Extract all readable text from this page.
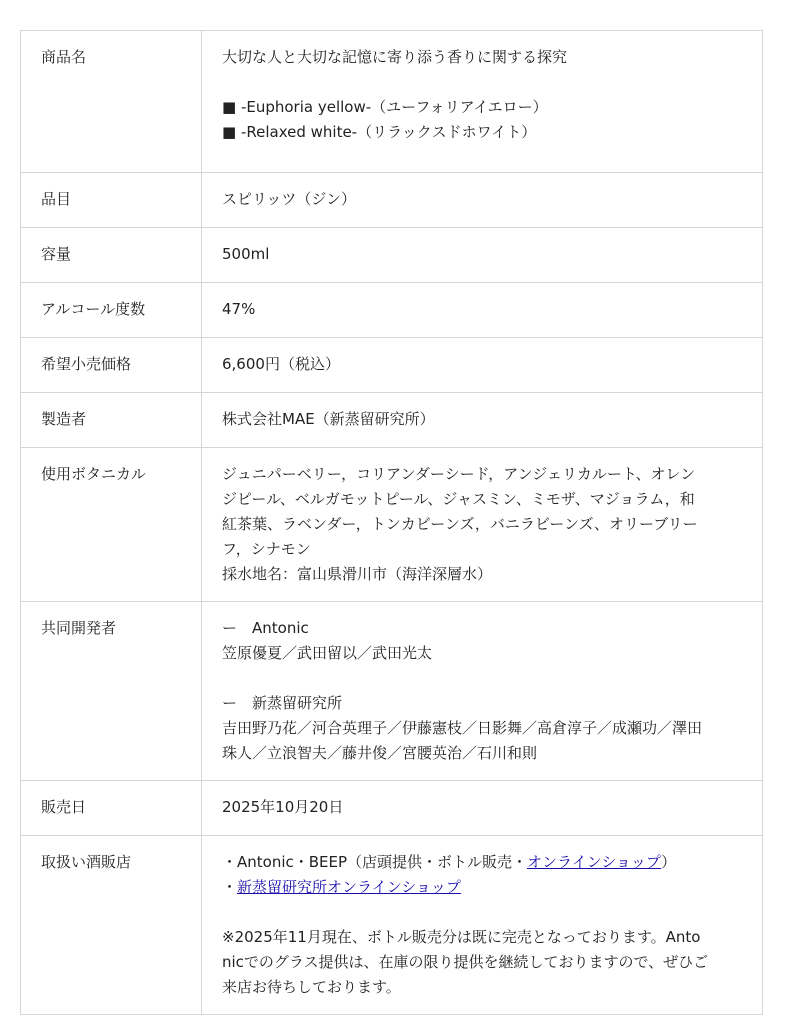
商品名	大切な人と大切な記憶に寄り添う香りに関する探究
■ -Euphoria yellow-（ユーフォリアイエロー）
■ -Relaxed white-（リラックスドホワイト）

品目	スピリッツ（ジン）
容量	500ml
アルコール度数	47%
希望小売価格	6,600円（税込）
製造者	株式会社MAE（新蒸留研究所）
使用ボタニカル	ジュニパーベリー，コリアンダーシード，アンジェリカルート、オレン
ジピール、ベルガモットピール、ジャスミン、ミモザ、マジョラム，和
紅茶葉、ラベンダー，トンカビーンズ，バニラビーンズ、オリーブリー
フ，シナモン
採水地名：富山県滑川市（海洋深層水）

共同開発者	ー　Antonic
笠原優夏／武田留以／武田光太
ー　新蒸留研究所
吉田野乃花／河合英理子／伊藤憲枝／日影舞／高倉淳子／成瀬功／澤田
珠人／立浪智夫／藤井俊／宮腰英治／石川和則

販売日	2025年10月20日
取扱い酒販店	・Antonic・BEEP（店頭提供・ボトル販売・オンラインショップ）
・新蒸留研究所オンラインショップ
※2025年11月現在、ボトル販売分は既に完売となっております。Anto
nicでのグラス提供は、在庫の限り提供を継続しておりますので、ぜひご
来店お待ちしております。
